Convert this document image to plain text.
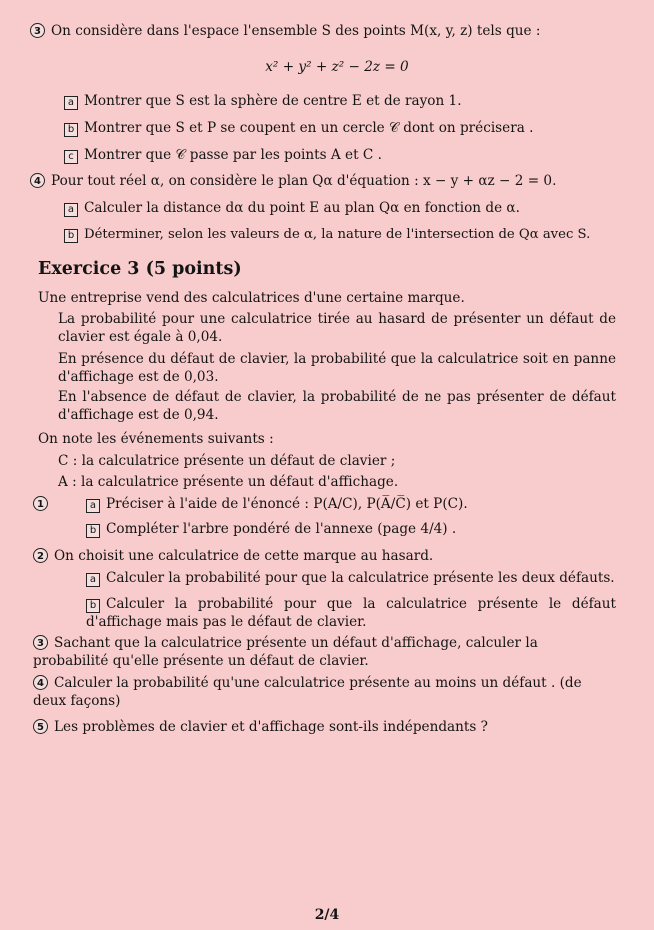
3 On considère dans l'espace l'ensemble S des points M(x, y, z) tels que :
x² + y² + z² − 2z = 0
a Montrer que S est la sphère de centre E et de rayon 1.
b Montrer que S et P se coupent en un cercle 𝒞 dont on précisera .
c Montrer que 𝒞 passe par les points A et C .
4 Pour tout réel α, on considère le plan Qα d'équation : x − y + αz − 2 = 0.
a Calculer la distance dα du point E au plan Qα en fonction de α.
b Déterminer, selon les valeurs de α, la nature de l'intersection de Qα avec S.
Exercice 3 (5 points)
Une entreprise vend des calculatrices d'une certaine marque.
La probabilité pour une calculatrice tirée au hasard de présenter un défaut de clavier est égale à 0,04.
En présence du défaut de clavier, la probabilité que la calculatrice soit en panne d'affichage est de 0,03.
En l'absence de défaut de clavier, la probabilité de ne pas présenter de défaut d'affichage est de 0,94.
On note les événements suivants :
C : la calculatrice présente un défaut de clavier ;
A : la calculatrice présente un défaut d'affichage.
1	a Préciser à l'aide de l'énoncé : P(A/C), P(A̅/C̅) et P(C).
b Compléter l'arbre pondéré de l'annexe (page 4/4) .
2 On choisit une calculatrice de cette marque au hasard.
a Calculer la probabilité pour que la calculatrice présente les deux défauts.
b Calculer la probabilité pour que la calculatrice présente le défaut d'affichage mais pas le défaut de clavier.
3 Sachant que la calculatrice présente un défaut d'affichage, calculer la probabilité qu'elle présente un défaut de clavier.
4 Calculer la probabilité qu'une calculatrice présente au moins un défaut . (de deux façons)
5 Les problèmes de clavier et d'affichage sont-ils indépendants ?
2/4
